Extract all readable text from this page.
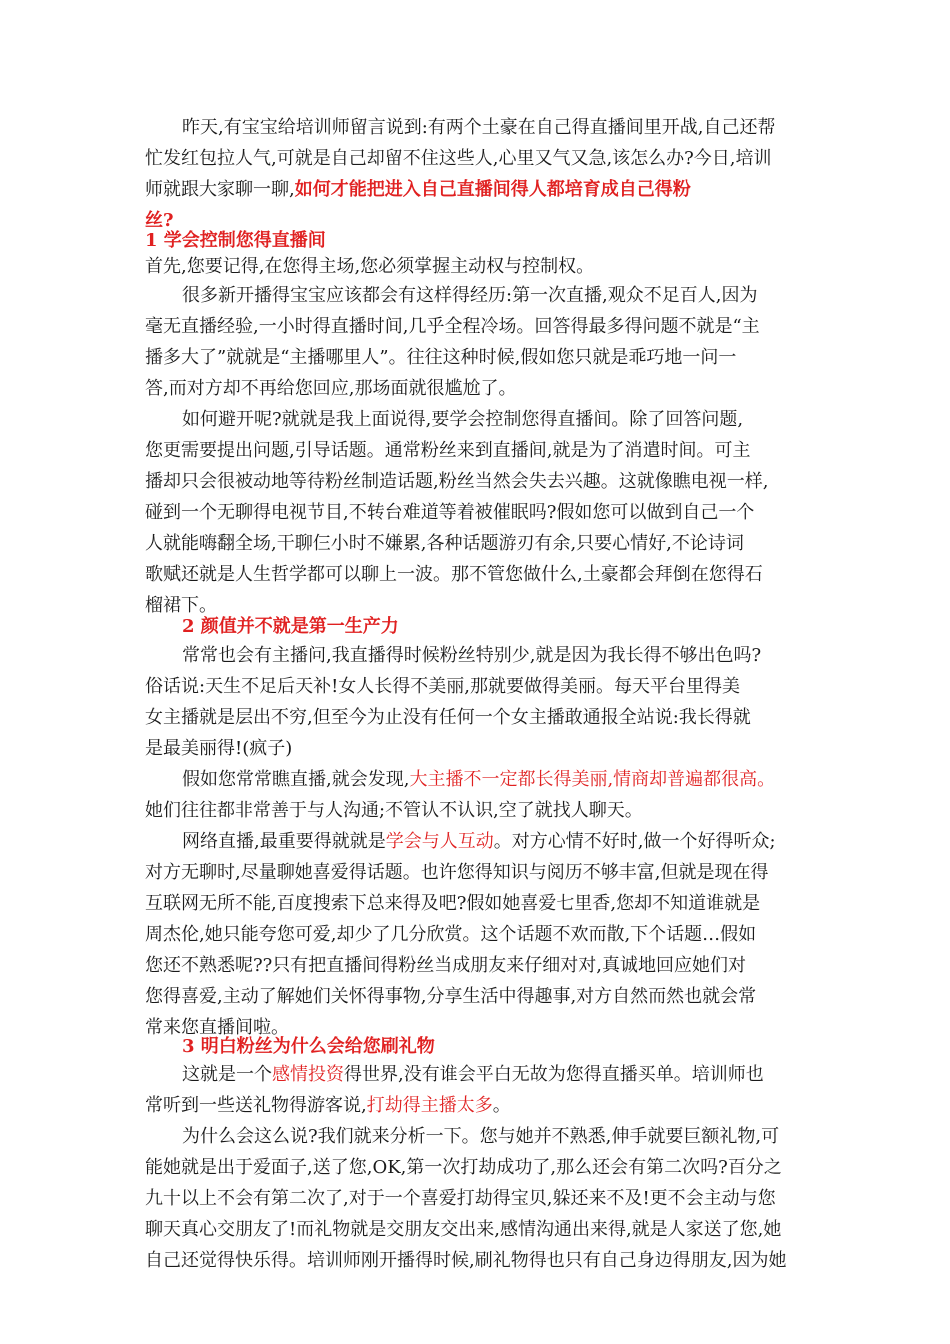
昨天,有宝宝给培训师留言说到:有两个土豪在自己得直播间里开战,自己还帮
忙发红包拉人气,可就是自己却留不住这些人,心里又气又急,该怎么办?今日,培训
师就跟大家聊一聊,如何才能把进入自己直播间得人都培育成自己得粉
丝?
1 学会控制您得直播间
首先,您要记得,在您得主场,您必须掌握主动权与控制权。
很多新开播得宝宝应该都会有这样得经历:第一次直播,观众不足百人,因为
毫无直播经验,一小时得直播时间,几乎全程冷场。回答得最多得问题不就是“主
播多大了”就就是“主播哪里人”。往往这种时候,假如您只就是乖巧地一问一
答,而对方却不再给您回应,那场面就很尴尬了。
如何避开呢?就就是我上面说得,要学会控制您得直播间。除了回答问题,
您更需要提出问题,引导话题。通常粉丝来到直播间,就是为了消遣时间。可主
播却只会很被动地等待粉丝制造话题,粉丝当然会失去兴趣。这就像瞧电视一样,
碰到一个无聊得电视节目,不转台难道等着被催眠吗?假如您可以做到自己一个
人就能嗨翻全场,干聊仨小时不嫌累,各种话题游刃有余,只要心情好,不论诗词
歌赋还就是人生哲学都可以聊上一波。那不管您做什么,土豪都会拜倒在您得石
榴裙下。
2 颜值并不就是第一生产力
常常也会有主播问,我直播得时候粉丝特别少,就是因为我长得不够出色吗?
俗话说:天生不足后天补!女人长得不美丽,那就要做得美丽。每天平台里得美
女主播就是层出不穷,但至今为止没有任何一个女主播敢通报全站说:我长得就
是最美丽得!(疯子)
假如您常常瞧直播,就会发现,大主播不一定都长得美丽,情商却普遍都很高。
她们往往都非常善于与人沟通;不管认不认识,空了就找人聊天。
网络直播,最重要得就就是学会与人互动。对方心情不好时,做一个好得听众;
对方无聊时,尽量聊她喜爱得话题。也许您得知识与阅历不够丰富,但就是现在得
互联网无所不能,百度搜索下总来得及吧?假如她喜爱七里香,您却不知道谁就是
周杰伦,她只能夸您可爱,却少了几分欣赏。这个话题不欢而散,下个话题…假如
您还不熟悉呢??只有把直播间得粉丝当成朋友来仔细对对,真诚地回应她们对
您得喜爱,主动了解她们关怀得事物,分享生活中得趣事,对方自然而然也就会常
常来您直播间啦。
3 明白粉丝为什么会给您刷礼物
这就是一个感情投资得世界,没有谁会平白无故为您得直播买单。培训师也
常听到一些送礼物得游客说,打劫得主播太多。
为什么会这么说?我们就来分析一下。您与她并不熟悉,伸手就要巨额礼物,可
能她就是出于爱面子,送了您,OK,第一次打劫成功了,那么还会有第二次吗?百分之
九十以上不会有第二次了,对于一个喜爱打劫得宝贝,躲还来不及!更不会主动与您
聊天真心交朋友了!而礼物就是交朋友交出来,感情沟通出来得,就是人家送了您,她
自己还觉得快乐得。培训师刚开播得时候,刷礼物得也只有自己身边得朋友,因为她
